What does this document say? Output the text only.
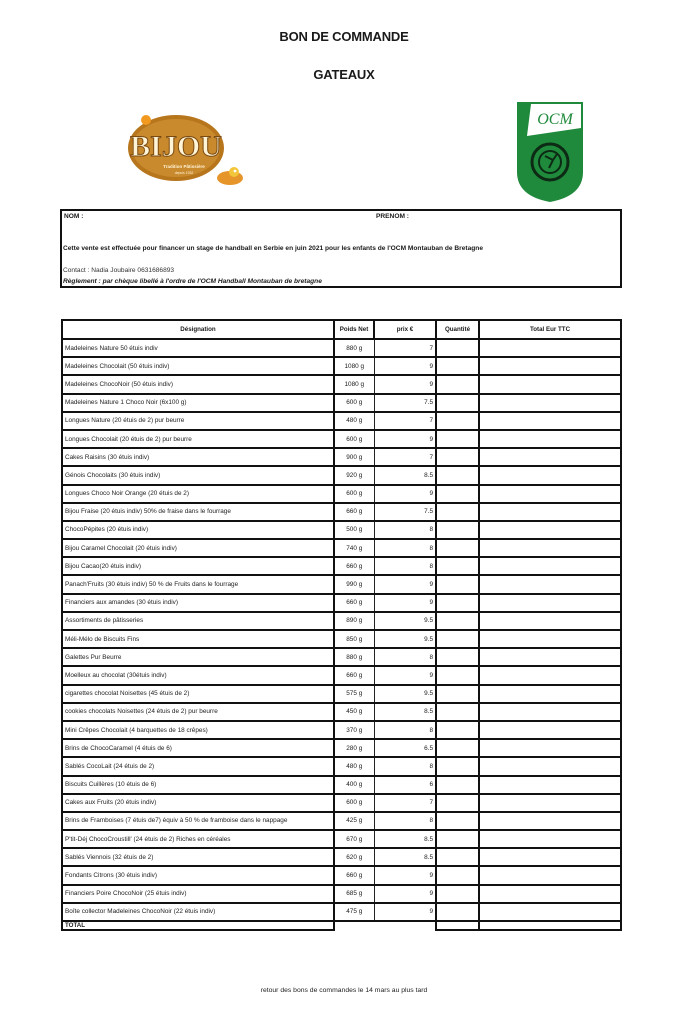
BON DE COMMANDE
GATEAUX
BIJOU
Tradition Pâtissière
depuis 1932
OCM
NOM :	PRENOM :
Cette vente est effectuée pour financer un stage de handball en Serbie en juin 2021 pour les enfants de l'OCM Montauban de Bretagne
Contact : Nadia Joubaire 0631686893
Règlement : par chèque libellé à l'ordre de l'OCM Handball Montauban de bretagne
Désignation	Poids Net	prix €	Quantité	Total Eur TTC
Madeleines Nature 50 étuis indiv	880 g	7		
Madeleines Chocolait (50 étuis indiv)	1080 g	9		
Madeleines ChocoNoir (50 étuis indiv)	1080 g	9		
Madeleines Nature 1 Choco Noir (6x100 g)	600 g	7.5		
Longues Nature (20 étuis de 2) pur beurre	480 g	7		
Longues Chocolait (20 étuis de 2) pur beurre	600 g	9		
Cakes Raisins (30 étuis indiv)	900 g	7		
Génois Chocolaits (30 étuis indiv)	920 g	8.5		
Longues Choco Noir Orange (20 étuis de 2)	600 g	9		
Bijou Fraise (20 étuis indiv) 50% de fraise dans le fourrage	660 g	7.5		
ChocoPépites (20 étuis indiv)	500 g	8		
Bijou Caramel Chocolait (20 étuis indiv)	740 g	8		
Bijou Cacao(20 étuis indiv)	660 g	8		
Panach'Fruits (30 étuis indiv) 50 % de Fruits dans le fourrage	990 g	9		
Financiers aux amandes (30 étuis indiv)	660 g	9		
Assortiments de pâtisseries	890 g	9.5		
Méli-Mélo de Biscuits Fins	850 g	9.5		
Galettes Pur Beurre	880 g	8		
Moelleux au chocolat (30étuis indiv)	660 g	9		
cigarettes chocolat Noisettes (45 étuis de 2)	575 g	9.5		
cookies chocolats Noisettes (24 étuis de 2) pur beurre	450 g	8.5		
Mini Crêpes Chocolait (4 barquettes de 18 crêpes)	370 g	8		
Brins de ChocoCaramel (4 étuis de 6)	280 g	6.5		
Sablés CocoLait (24 étuis de 2)	480 g	8		
Biscuits Cuillères (10 étuis de 6)	400 g	6		
Cakes aux Fruits (20 étuis indiv)	600 g	7		
Brins de Framboises (7 étuis de7) équiv à 50 % de framboise dans le nappage	425 g	8		
P'tit-Déj ChocoCroustill' (24 étuis de 2) Riches en céréales	670 g	8.5		
Sablés Viennois (32 étuis de 2)	620 g	8.5		
Fondants Citrons (30 étuis indiv)	660 g	9		
Financiers Poire ChocoNoir (25 étuis indiv)	685 g	9		
Boîte collector Madeleines ChocoNoir (22 étuis indiv)	475 g	9		
TOTAL				
retour des bons de commandes le 14 mars au plus tard
